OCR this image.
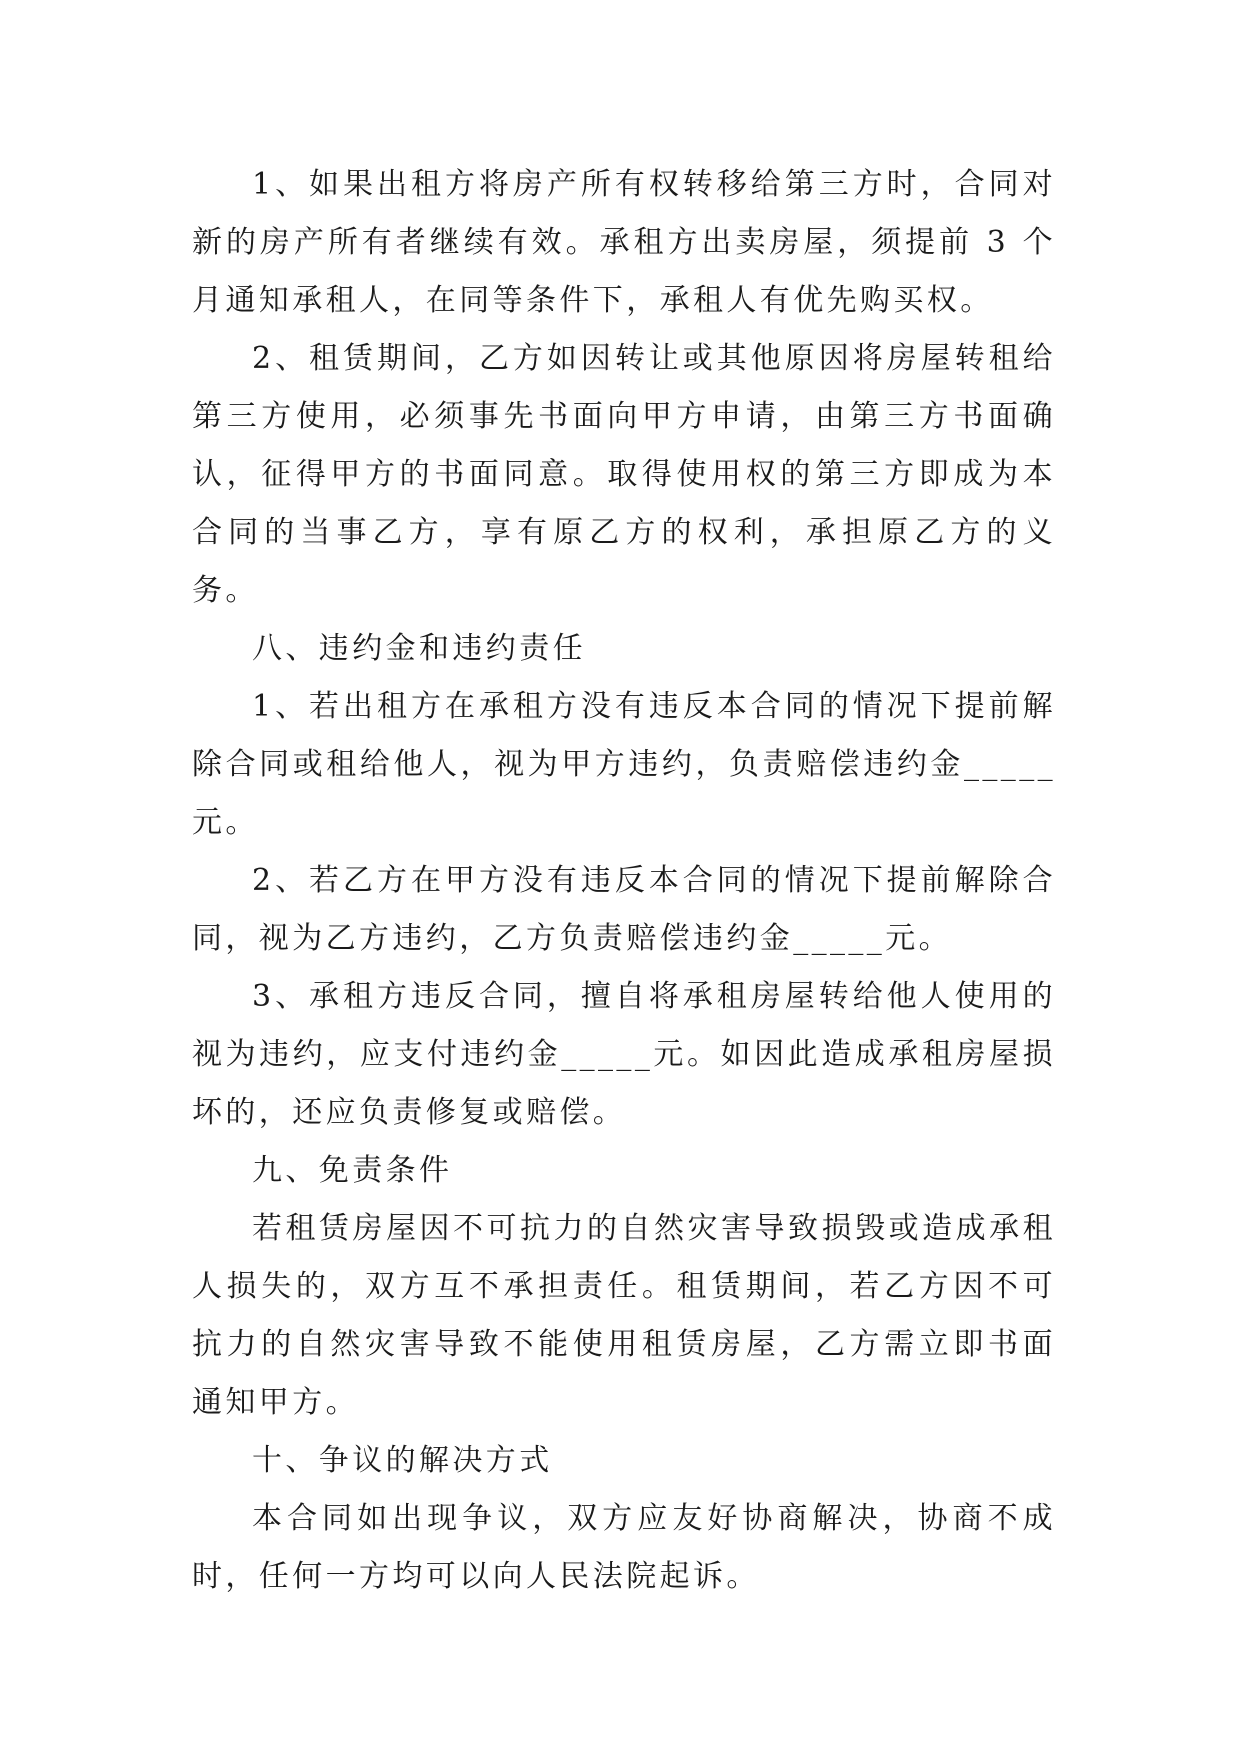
1、如果出租方将房产所有权转移给第三方时，合同对新的房产所有者继续有效。承租方出卖房屋，须提前 3 个月通知承租人，在同等条件下，承租人有优先购买权。

2、租赁期间，乙方如因转让或其他原因将房屋转租给第三方使用，必须事先书面向甲方申请，由第三方书面确认，征得甲方的书面同意。取得使用权的第三方即成为本合同的当事乙方，享有原乙方的权利，承担原乙方的义务。

八、违约金和违约责任

1、若出租方在承租方没有违反本合同的情况下提前解除合同或租给他人，视为甲方违约，负责赔偿违约金_____元。

2、若乙方在甲方没有违反本合同的情况下提前解除合同，视为乙方违约，乙方负责赔偿违约金_____元。

3、承租方违反合同，擅自将承租房屋转给他人使用的视为违约，应支付违约金_____元。如因此造成承租房屋损坏的，还应负责修复或赔偿。

九、免责条件

若租赁房屋因不可抗力的自然灾害导致损毁或造成承租人损失的，双方互不承担责任。租赁期间，若乙方因不可抗力的自然灾害导致不能使用租赁房屋，乙方需立即书面通知甲方。

十、争议的解决方式

本合同如出现争议，双方应友好协商解决，协商不成时，任何一方均可以向人民法院起诉。
